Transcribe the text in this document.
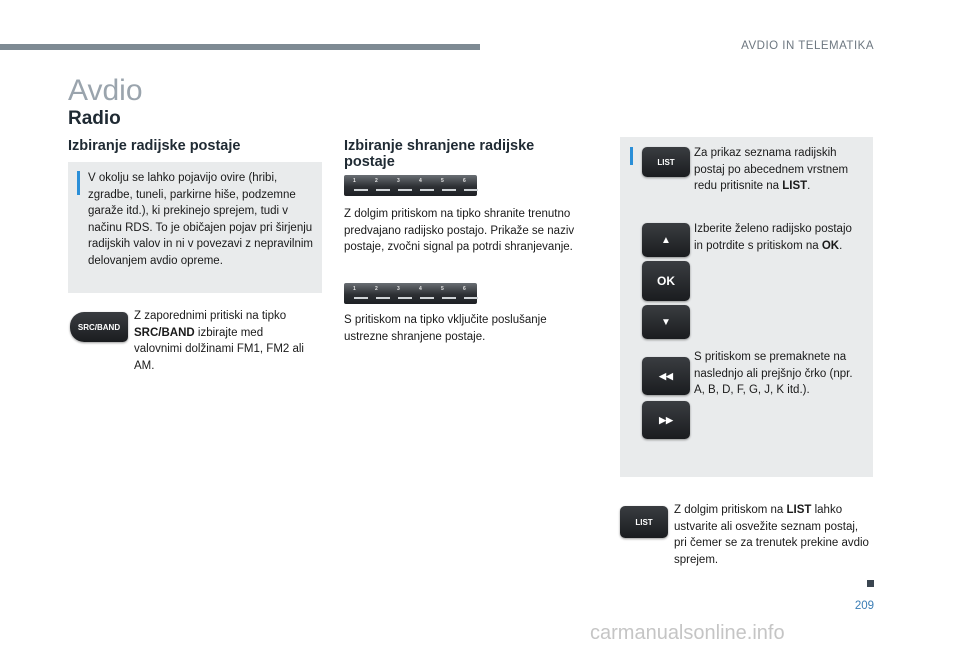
AVDIO IN TELEMATIKA
Avdio
Radio
Izbiranje radijske postaje
V okolju se lahko pojavijo ovire (hribi, zgradbe, tuneli, parkirne hiše, podzemne garaže itd.), ki prekinejo sprejem, tudi v načinu RDS. To je običajen pojav pri širjenju radijskih valov in ni v povezavi z nepravilnim delovanjem avdio opreme.
SRC/BAND
Z zaporednimi pritiski na tipko SRC/BAND izbirajte med valovnimi dolžinami FM1, FM2 ali AM.
Izbiranje shranjene radijske postaje
1	2	3	4	5	6
Z dolgim pritiskom na tipko shranite trenutno predvajano radijsko postajo. Prikaže se naziv postaje, zvočni signal pa potrdi shranjevanje.
1	2	3	4	5	6
S pritiskom na tipko vključite poslušanje ustrezne shranjene postaje.
LIST
Za prikaz seznama radijskih postaj po abecednem vrstnem redu pritisnite na LIST.
▲
OK
▼
Izberite želeno radijsko postajo in potrdite s pritiskom na OK.
◀◀
▶▶
S pritiskom se premaknete na naslednjo ali prejšnjo črko (npr. A, B, D, F, G, J, K itd.).
LIST
Z dolgim pritiskom na LIST lahko ustvarite ali osvežite seznam postaj, pri čemer se za trenutek prekine avdio sprejem.
209
carmanualsonline.info
